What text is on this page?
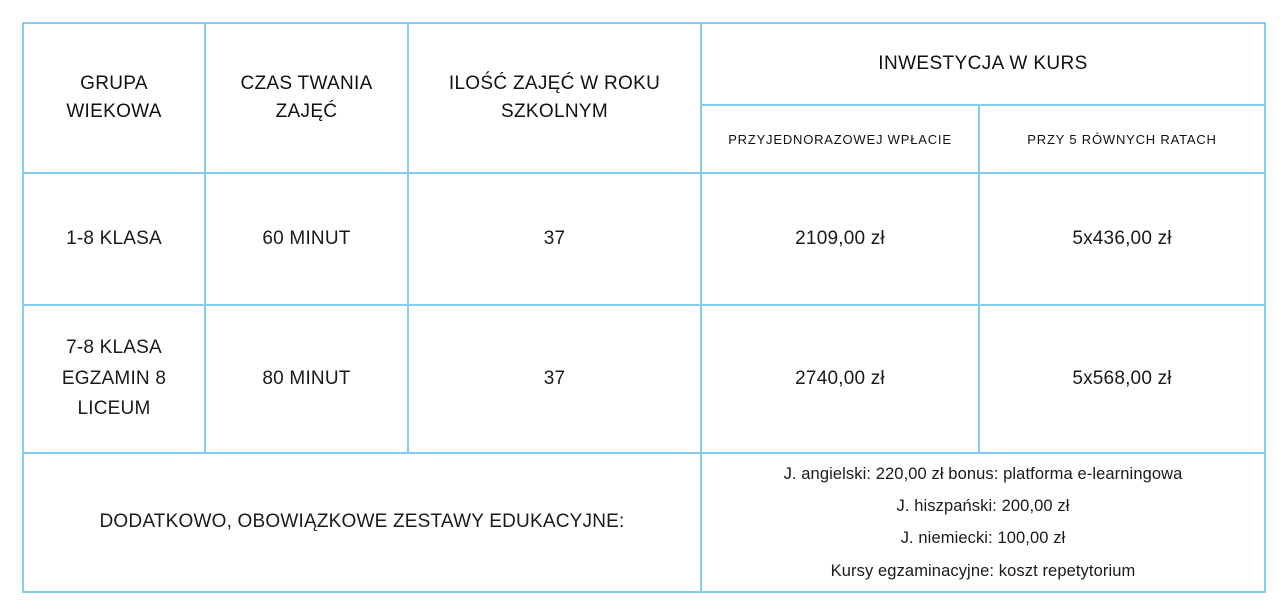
GRUPA WIEKOWA	CZAS TWANIA ZAJĘĆ	ILOŚĆ ZAJĘĆ W ROKU SZKOLNYM	INWESTYCJA W KURS	
			PRZYJEDNORAZOWEJ WPŁACIE	PRZY 5 RÓWNYCH RATACH
1-8 KLASA	60 MINUT	37	2109,00 zł	5x436,00 zł
7-8 KLASA EGZAMIN 8 LICEUM	80 MINUT	37	2740,00 zł	5x568,00 zł
DODATKOWO, OBOWIĄZKOWE ZESTAWY EDUKACYJNE:	
J. angielski: 220,00 zł bonus: platforma e-learningowa
J. hiszpański: 200,00 zł
J. niemiecki: 100,00 zł
Kursy egzaminacyjne: koszt repetytorium
